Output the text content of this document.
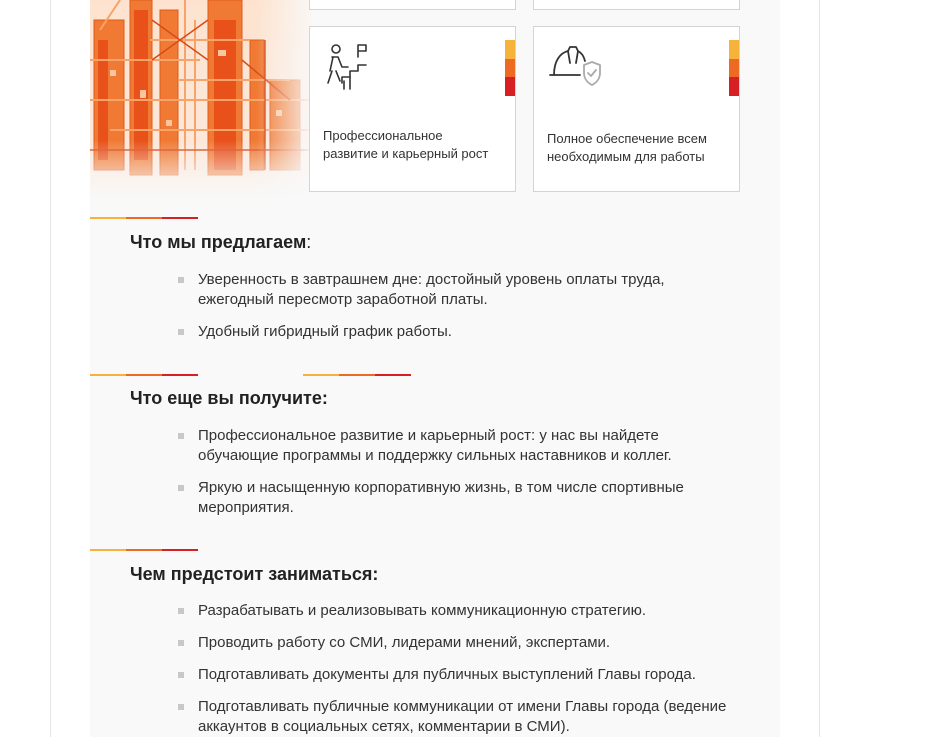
Профессиональное развитие и карьерный рост
Полное обеспечение всем необходимым для работы
Что мы предлагаем:
Уверенность в завтрашнем дне: достойный уровень оплаты труда, ежегодный пересмотр заработной платы.
Удобный гибридный график работы.
Что еще вы получите:
Профессиональное развитие и карьерный рост: у нас вы найдете обучающие программы и поддержку сильных наставников и коллег.
Яркую и насыщенную корпоративную жизнь, в том числе спортивные мероприятия.
Чем предстоит заниматься:
Разрабатывать и реализовывать коммуникационную стратегию.
Проводить работу со СМИ, лидерами мнений, экспертами.
Подготавливать документы для публичных выступлений Главы города.
Подготавливать публичные коммуникации от имени Главы города (ведение аккаунтов в социальных сетях, комментарии в СМИ).
